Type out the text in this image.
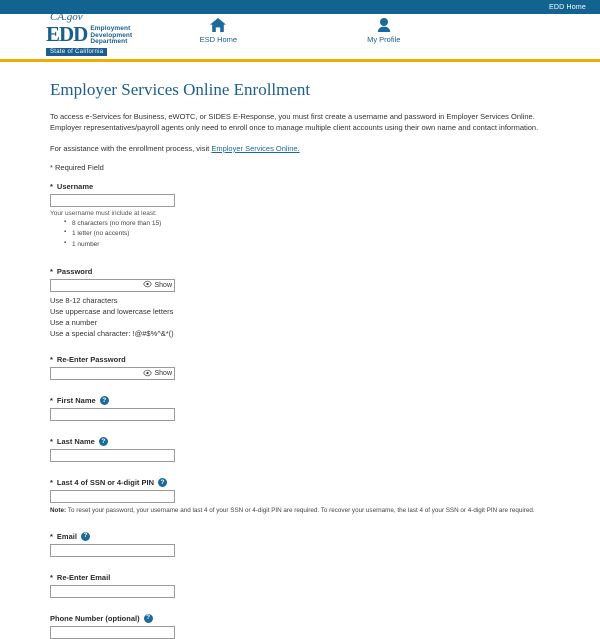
EDD Home
CA.gov
EDD Employment
Development
Department
State of California
ESD Home	My Profile
Employer Services Online Enrollment

To access e-Services for Business, eWOTC, or SIDES E-Response, you must first create a username and password in Employer Services Online. Employer representatives/payroll agents only need to enroll once to manage multiple client accounts using their own name and contact information.

For assistance with the enrollment process, visit Employer Services Online.

* Required Field

* Username
Your username must include at least:
▪ 8 characters (no more than 15)
▪ 1 letter (no accents)
▪ 1 number
* Password
Show
Use 8-12 characters
Use uppercase and lowercase letters
Use a number
Use a special character: !@#$%^&*()
* Re-Enter Password
Show
* First Name	?
* Last Name	?
* Last 4 of SSN or 4-digit PIN	?
Note: To reset your password, your username and last 4 of your SSN or 4-digit PIN are required. To recover your username, the last 4 of your SSN or 4-digit PIN are required.
* Email	?
* Re-Enter Email
Phone Number (optional)	?
